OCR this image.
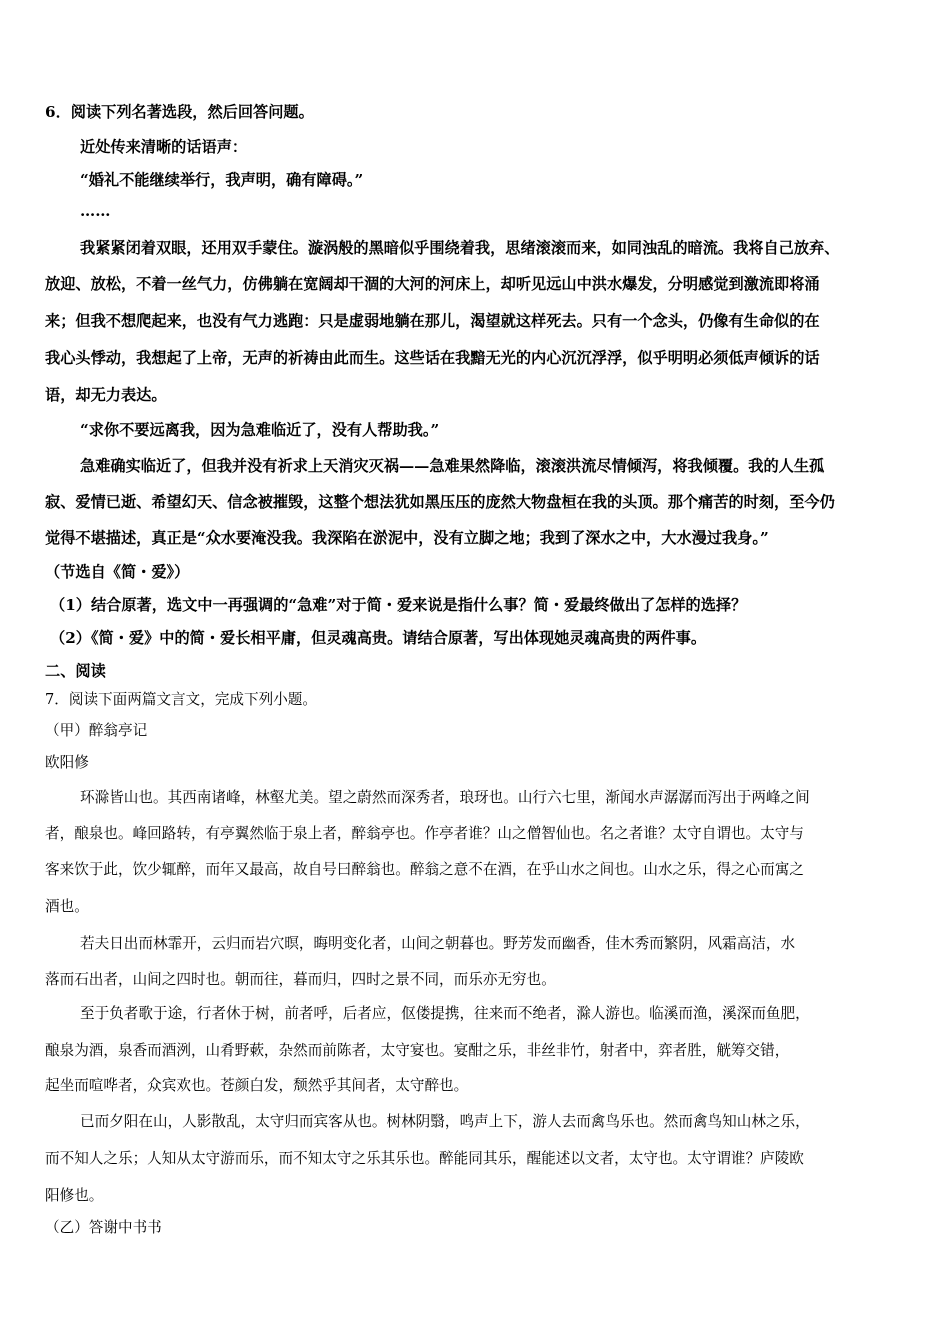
6．阅读下列名著选段，然后回答问题。
近处传来清晰的话语声：
“婚礼不能继续举行，我声明，确有障碍。”
……
我紧紧闭着双眼，还用双手蒙住。漩涡般的黑暗似乎围绕着我，思绪滚滚而来，如同浊乱的暗流。我将自己放弃、
放迎、放松，不着一丝气力，仿佛躺在宽阔却干涸的大河的河床上，却听见远山中洪水爆发，分明感觉到激流即将涌
来；但我不想爬起来，也没有气力逃跑：只是虚弱地躺在那儿，渴望就这样死去。只有一个念头，仍像有生命似的在
我心头悸动，我想起了上帝，无声的祈祷由此而生。这些话在我黯无光的内心沉沉浮浮，似乎明明必须低声倾诉的话
语，却无力表达。
“求你不要远离我，因为急难临近了，没有人帮助我。”
急难确实临近了，但我并没有祈求上天消灾灭祸——急难果然降临，滚滚洪流尽情倾泻，将我倾覆。我的人生孤
寂、爱情已逝、希望幻天、信念被摧毁，这整个想法犹如黑压压的庞然大物盘桓在我的头顶。那个痛苦的时刻，至今仍
觉得不堪描述，真正是“众水要淹没我。我深陷在淤泥中，没有立脚之地；我到了深水之中，大水漫过我身。”
（节选自《简・爱》）
（1）结合原著，选文中一再强调的“急难”对于简・爱来说是指什么事？简・爱最终做出了怎样的选择？
（2）《简・爱》中的简・爱长相平庸，但灵魂高贵。请结合原著，写出体现她灵魂高贵的两件事。
二、阅读
7．阅读下面两篇文言文，完成下列小题。
（甲）醉翁亭记
欧阳修
环滁皆山也。其西南诸峰，林壑尤美。望之蔚然而深秀者，琅玡也。山行六七里，渐闻水声潺潺而泻出于两峰之间
者，酿泉也。峰回路转，有亭翼然临于泉上者，醉翁亭也。作亭者谁？山之僧智仙也。名之者谁？太守自谓也。太守与
客来饮于此，饮少辄醉，而年又最高，故自号曰醉翁也。醉翁之意不在酒，在乎山水之间也。山水之乐，得之心而寓之
酒也。
若夫日出而林霏开，云归而岩穴暝，晦明变化者，山间之朝暮也。野芳发而幽香，佳木秀而繁阴，风霜高洁，水
落而石出者，山间之四时也。朝而往，暮而归，四时之景不同，而乐亦无穷也。
至于负者歌于途，行者休于树，前者呼，后者应，伛偻提携，往来而不绝者，滁人游也。临溪而渔，溪深而鱼肥，
酿泉为酒，泉香而酒洌，山肴野蔌，杂然而前陈者，太守宴也。宴酣之乐，非丝非竹，射者中，弈者胜，觥筹交错，
起坐而喧哗者，众宾欢也。苍颜白发，颓然乎其间者，太守醉也。
已而夕阳在山，人影散乱，太守归而宾客从也。树林阴翳，鸣声上下，游人去而禽鸟乐也。然而禽鸟知山林之乐，
而不知人之乐；人知从太守游而乐，而不知太守之乐其乐也。醉能同其乐，醒能述以文者，太守也。太守谓谁？庐陵欧
阳修也。
（乙）答谢中书书
